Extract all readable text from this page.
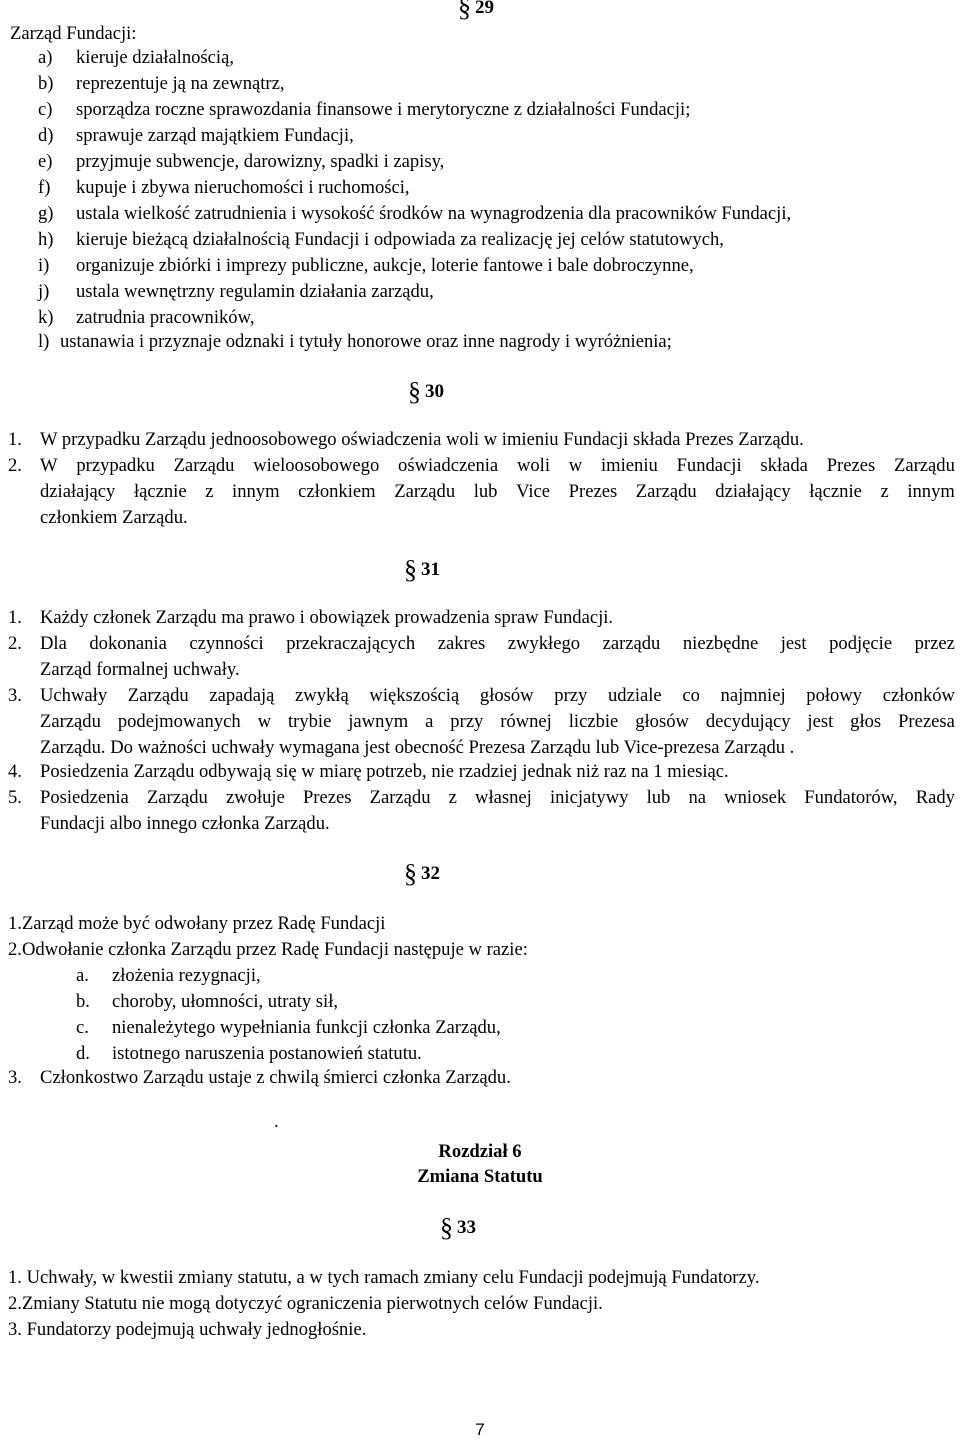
§ 29
Zarząd Fundacji:
a) kieruje działalnością,
b) reprezentuje ją na zewnątrz,
c) sporządza roczne sprawozdania finansowe i merytoryczne z działalności Fundacji;
d) sprawuje zarząd majątkiem Fundacji,
e) przyjmuje subwencje, darowizny, spadki i zapisy,
f) kupuje i zbywa nieruchomości i ruchomości,
g) ustala wielkość zatrudnienia i wysokość środków na wynagrodzenia dla pracowników Fundacji,
h) kieruje bieżącą działalnością Fundacji i odpowiada za realizację jej celów statutowych,
i) organizuje zbiórki i imprezy publiczne, aukcje, loterie fantowe i bale dobroczynne,
j) ustala wewnętrzny regulamin działania zarządu,
k) zatrudnia pracowników,
l) ustanawia i przyznaje odznaki i tytuły honorowe oraz inne nagrody i wyróżnienia;
§ 30
1. W przypadku Zarządu jednoosobowego oświadczenia woli w imieniu Fundacji składa Prezes Zarządu.
2. W przypadku Zarządu wieloosobowego oświadczenia woli w imieniu Fundacji składa Prezes Zarządu
działający łącznie z innym członkiem Zarządu lub Vice Prezes Zarządu działający łącznie z innym
członkiem Zarządu.
§ 31
1. Każdy członek Zarządu ma prawo i obowiązek prowadzenia spraw Fundacji.
2. Dla dokonania czynności przekraczających zakres zwykłego zarządu niezbędne jest podjęcie przez
Zarząd formalnej uchwały.
3. Uchwały Zarządu zapadają zwykłą większością głosów przy udziale co najmniej połowy członków
Zarządu podejmowanych w trybie jawnym a przy równej liczbie głosów decydujący jest głos Prezesa
Zarządu. Do ważności uchwały wymagana jest obecność Prezesa Zarządu lub Vice-prezesa Zarządu .
4. Posiedzenia Zarządu odbywają się w miarę potrzeb, nie rzadziej jednak niż raz na 1 miesiąc.
5. Posiedzenia Zarządu zwołuje Prezes Zarządu z własnej inicjatywy lub na wniosek Fundatorów, Rady
Fundacji albo innego członka Zarządu.
§ 32
1.Zarząd może być odwołany przez Radę Fundacji
2.Odwołanie członka Zarządu przez Radę Fundacji następuje w razie:
a. złożenia rezygnacji,
b. choroby, ułomności, utraty sił,
c. nienależytego wypełniania funkcji członka Zarządu,
d. istotnego naruszenia postanowień statutu.
3. Członkostwo Zarządu ustaje z chwilą śmierci członka Zarządu.
.
Rozdział 6
Zmiana Statutu
§ 33
1. Uchwały, w kwestii zmiany statutu, a w tych ramach zmiany celu Fundacji podejmują Fundatorzy.
2.Zmiany Statutu nie mogą dotyczyć ograniczenia pierwotnych celów Fundacji.
3. Fundatorzy podejmują uchwały jednogłośnie.
7
